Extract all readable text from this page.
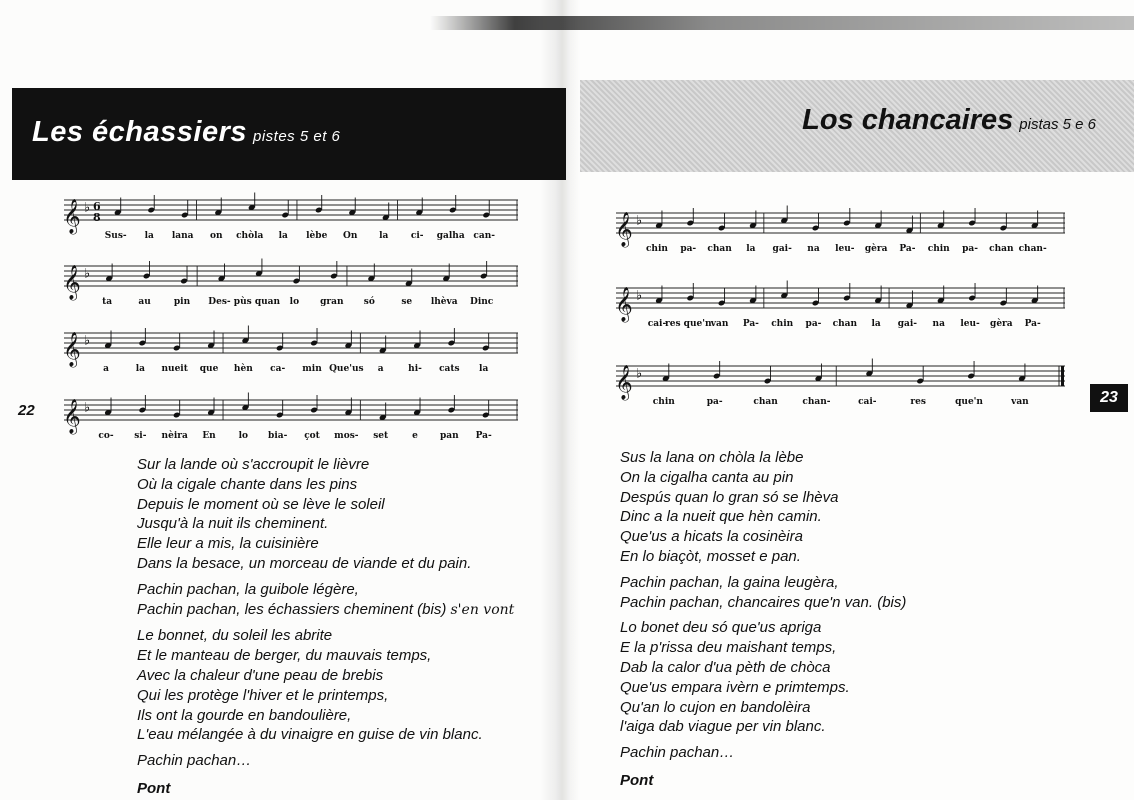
Les échassiers pistes 5 et 6
Los chancaires pistas 5 e 6
𝄞 ♭ 6
8
Sus- la lana on chòla la lèbe On la	ci- galha can-
𝄞 ♭
ta	au	pin Des- pùs quan lo gran só	se lhèva Dinc
𝄞 ♭
a	la nueit que hèn ca- min Que'us a	hi- cats la
𝄞 ♭
co- si- nèira En	lo bia- çot mos- set	e pan Pa-
𝄞 ♭
chin pa- chan la gai- na leu- gèra Pa- chin pa- chan chan-
𝄞 ♭
cai-
res que'n van Pa- chin pa- chan la gai- na leu- gèra Pa-
𝄞 ♭
chin	pa-	chan	chan-	cai-	res	que'n	van
22
23

Sur la lande où s'accroupit le lièvre
Où la cigale chante dans les pins
Depuis le moment où se lève le soleil
Jusqu'à la nuit ils cheminent.
Elle leur a mis, la cuisinière
Dans la besace, un morceau de viande et du pain.

Pachin pachan, la guibole légère,
Pachin pachan, les échassiers cheminent (bis) s'en vont

Le bonnet, du soleil les abrite
Et le manteau de berger, du mauvais temps,
Avec la chaleur d'une peau de brebis
Qui les protège l'hiver et le printemps,
Ils ont la gourde en bandoulière,
L'eau mélangée à du vinaigre en guise de vin blanc.

Pachin pachan…

Pont

Sus la lana on chòla la lèbe
On la cigalha canta au pin
Despús quan lo gran só se lhèva
Dinc a la nueit que hèn camin.
Que'us a hicats la cosinèira
En lo biaçòt, mosset e pan.

Pachin pachan, la gaina leugèra,
Pachin pachan, chancaires que'n van. (bis)

Lo bonet deu só que'us apriga
E la p'rissa deu maishant temps,
Dab la calor d'ua pèth de chòca
Que'us empara ivèrn e primtemps.
Qu'an lo cujon en bandolèira
l'aiga dab viague per vin blanc.

Pachin pachan…

Pont
